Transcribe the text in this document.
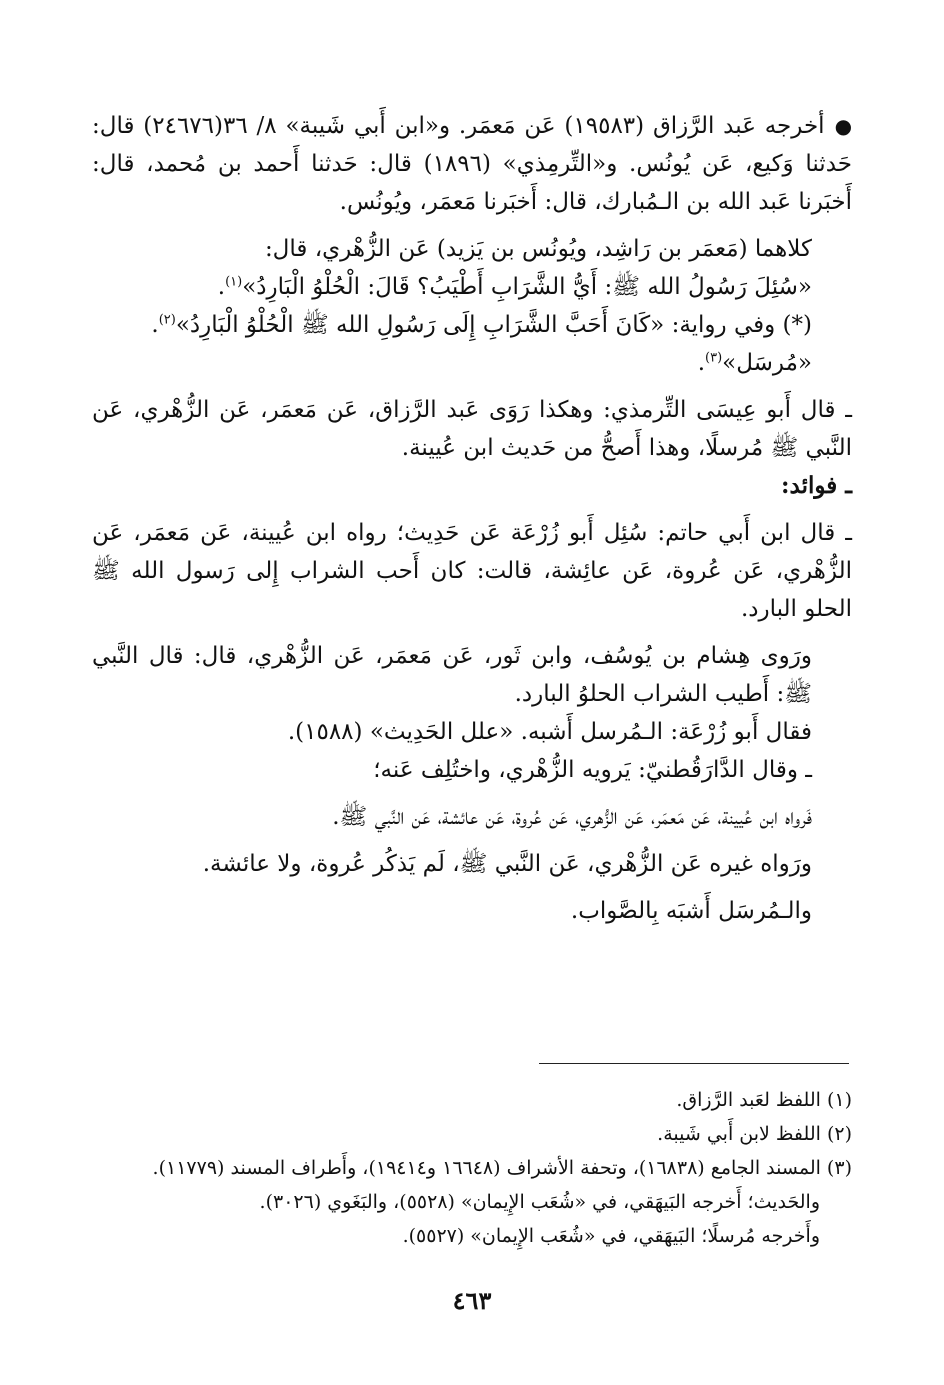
●أخرجه عَبد الرَّزاق (١٩٥٨٣) عَن مَعمَر. و«ابن أَبي شَيبة» ٨/ ٣٦(٢٤٦٧٦) قال: حَدثنا وَكيع، عَن يُونُس. و«التِّرمِذي» (١٨٩٦) قال: حَدثنا أَحمد بن مُحمد، قال: أَخبَرنا عَبد الله بن الـمُبارك، قال: أَخبَرنا مَعمَر، ويُونُس.

كلاهما (مَعمَر بن رَاشِد، ويُونُس بن يَزيد) عَن الزُّهْري، قال:

«سُئِلَ رَسُولُ الله ﷺ: أَيُّ الشَّرَابِ أَطْيَبُ؟ قَالَ: الْحُلْوُ الْبَارِدُ»$^{(١)}$.

(*) وفي رواية: «كَانَ أَحَبَّ الشَّرَابِ إِلَى رَسُولِ الله ﷺ الْحُلْوُ الْبَارِدُ»$^{(٢)}$.

«مُرسَل»$^{(٣)}$.

ـ قال أَبو عِيسَى التِّرمذي: وهكذا رَوَى عَبد الرَّزاق، عَن مَعمَر، عَن الزُّهْري، عَن النَّبي ﷺ مُرسلًا، وهذا أَصحُّ من حَديث ابن عُيينة.

ـ فوائد:

ـ قال ابن أَبي حاتم: سُئِل أَبو زُرْعَة عَن حَدِيث؛ رواه ابن عُيينة، عَن مَعمَر، عَن الزُّهْري، عَن عُروة، عَن عائِشة، قالت: كان أَحب الشراب إِلى رَسول الله ﷺ الحلو البارد.

ورَوى هِشام بن يُوسُف، وابن ثَور، عَن مَعمَر، عَن الزُّهْري، قال: قال النَّبي ﷺ: أَطيب الشراب الحلوُ البارد.

فقال أَبو زُرْعَة: الـمُرسل أَشبه. «علل الحَدِيث» (١٥٨٨).

ـ وقال الدَّارَقُطنيّ: يَرويه الزُّهْري، واختُلِف عَنه؛

فَرواه ابن عُيينة، عَن مَعمَر، عَن الزُّهري، عَن عُروة، عَن عائشة، عَن النَّبي ﷺ.

ورَواه غيره عَن الزُّهْري، عَن النَّبي ﷺ، لَم يَذكُر عُروة، ولا عائشة.

والـمُرسَل أَشبَه بِالصَّواب.

(١) اللفظ لعَبد الرَّزاق.

(٢) اللفظ لابن أَبي شَيبة.

(٣) المسند الجامع (١٦٨٣٨)، وتحفة الأشراف (١٦٦٤٨ و١٩٤١٤)، وأَطراف المسند (١١٧٧٩).

والحَديث؛ أَخرجه البَيهَقي، في «شُعَب الإِيمان» (٥٥٢٨)، والبَغَوي (٣٠٢٦).

وأَخرجه مُرسلًا؛ البَيهَقي، في «شُعَب الإِيمان» (٥٥٢٧).

٤٦٣
